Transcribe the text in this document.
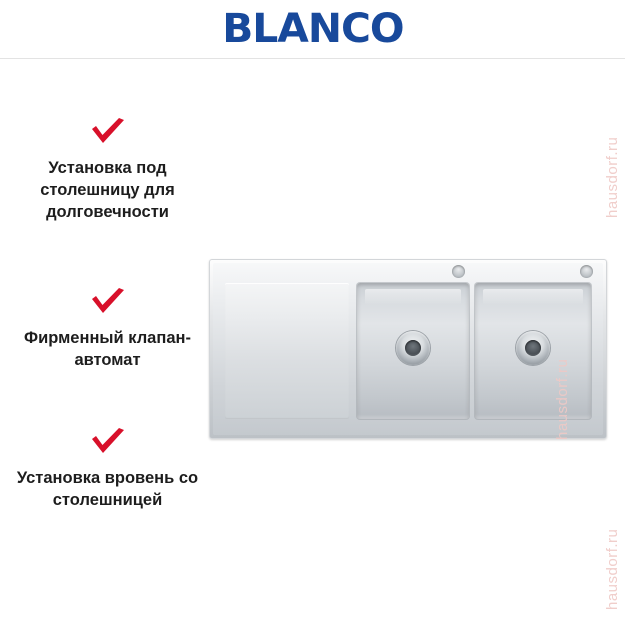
BLANCO
Установка под столешницу для долговечности
Фирменный клапан-автомат
Установка вровень со столешницей
hausdorf.ru
hausdorf.ru
hausdorf.ru
